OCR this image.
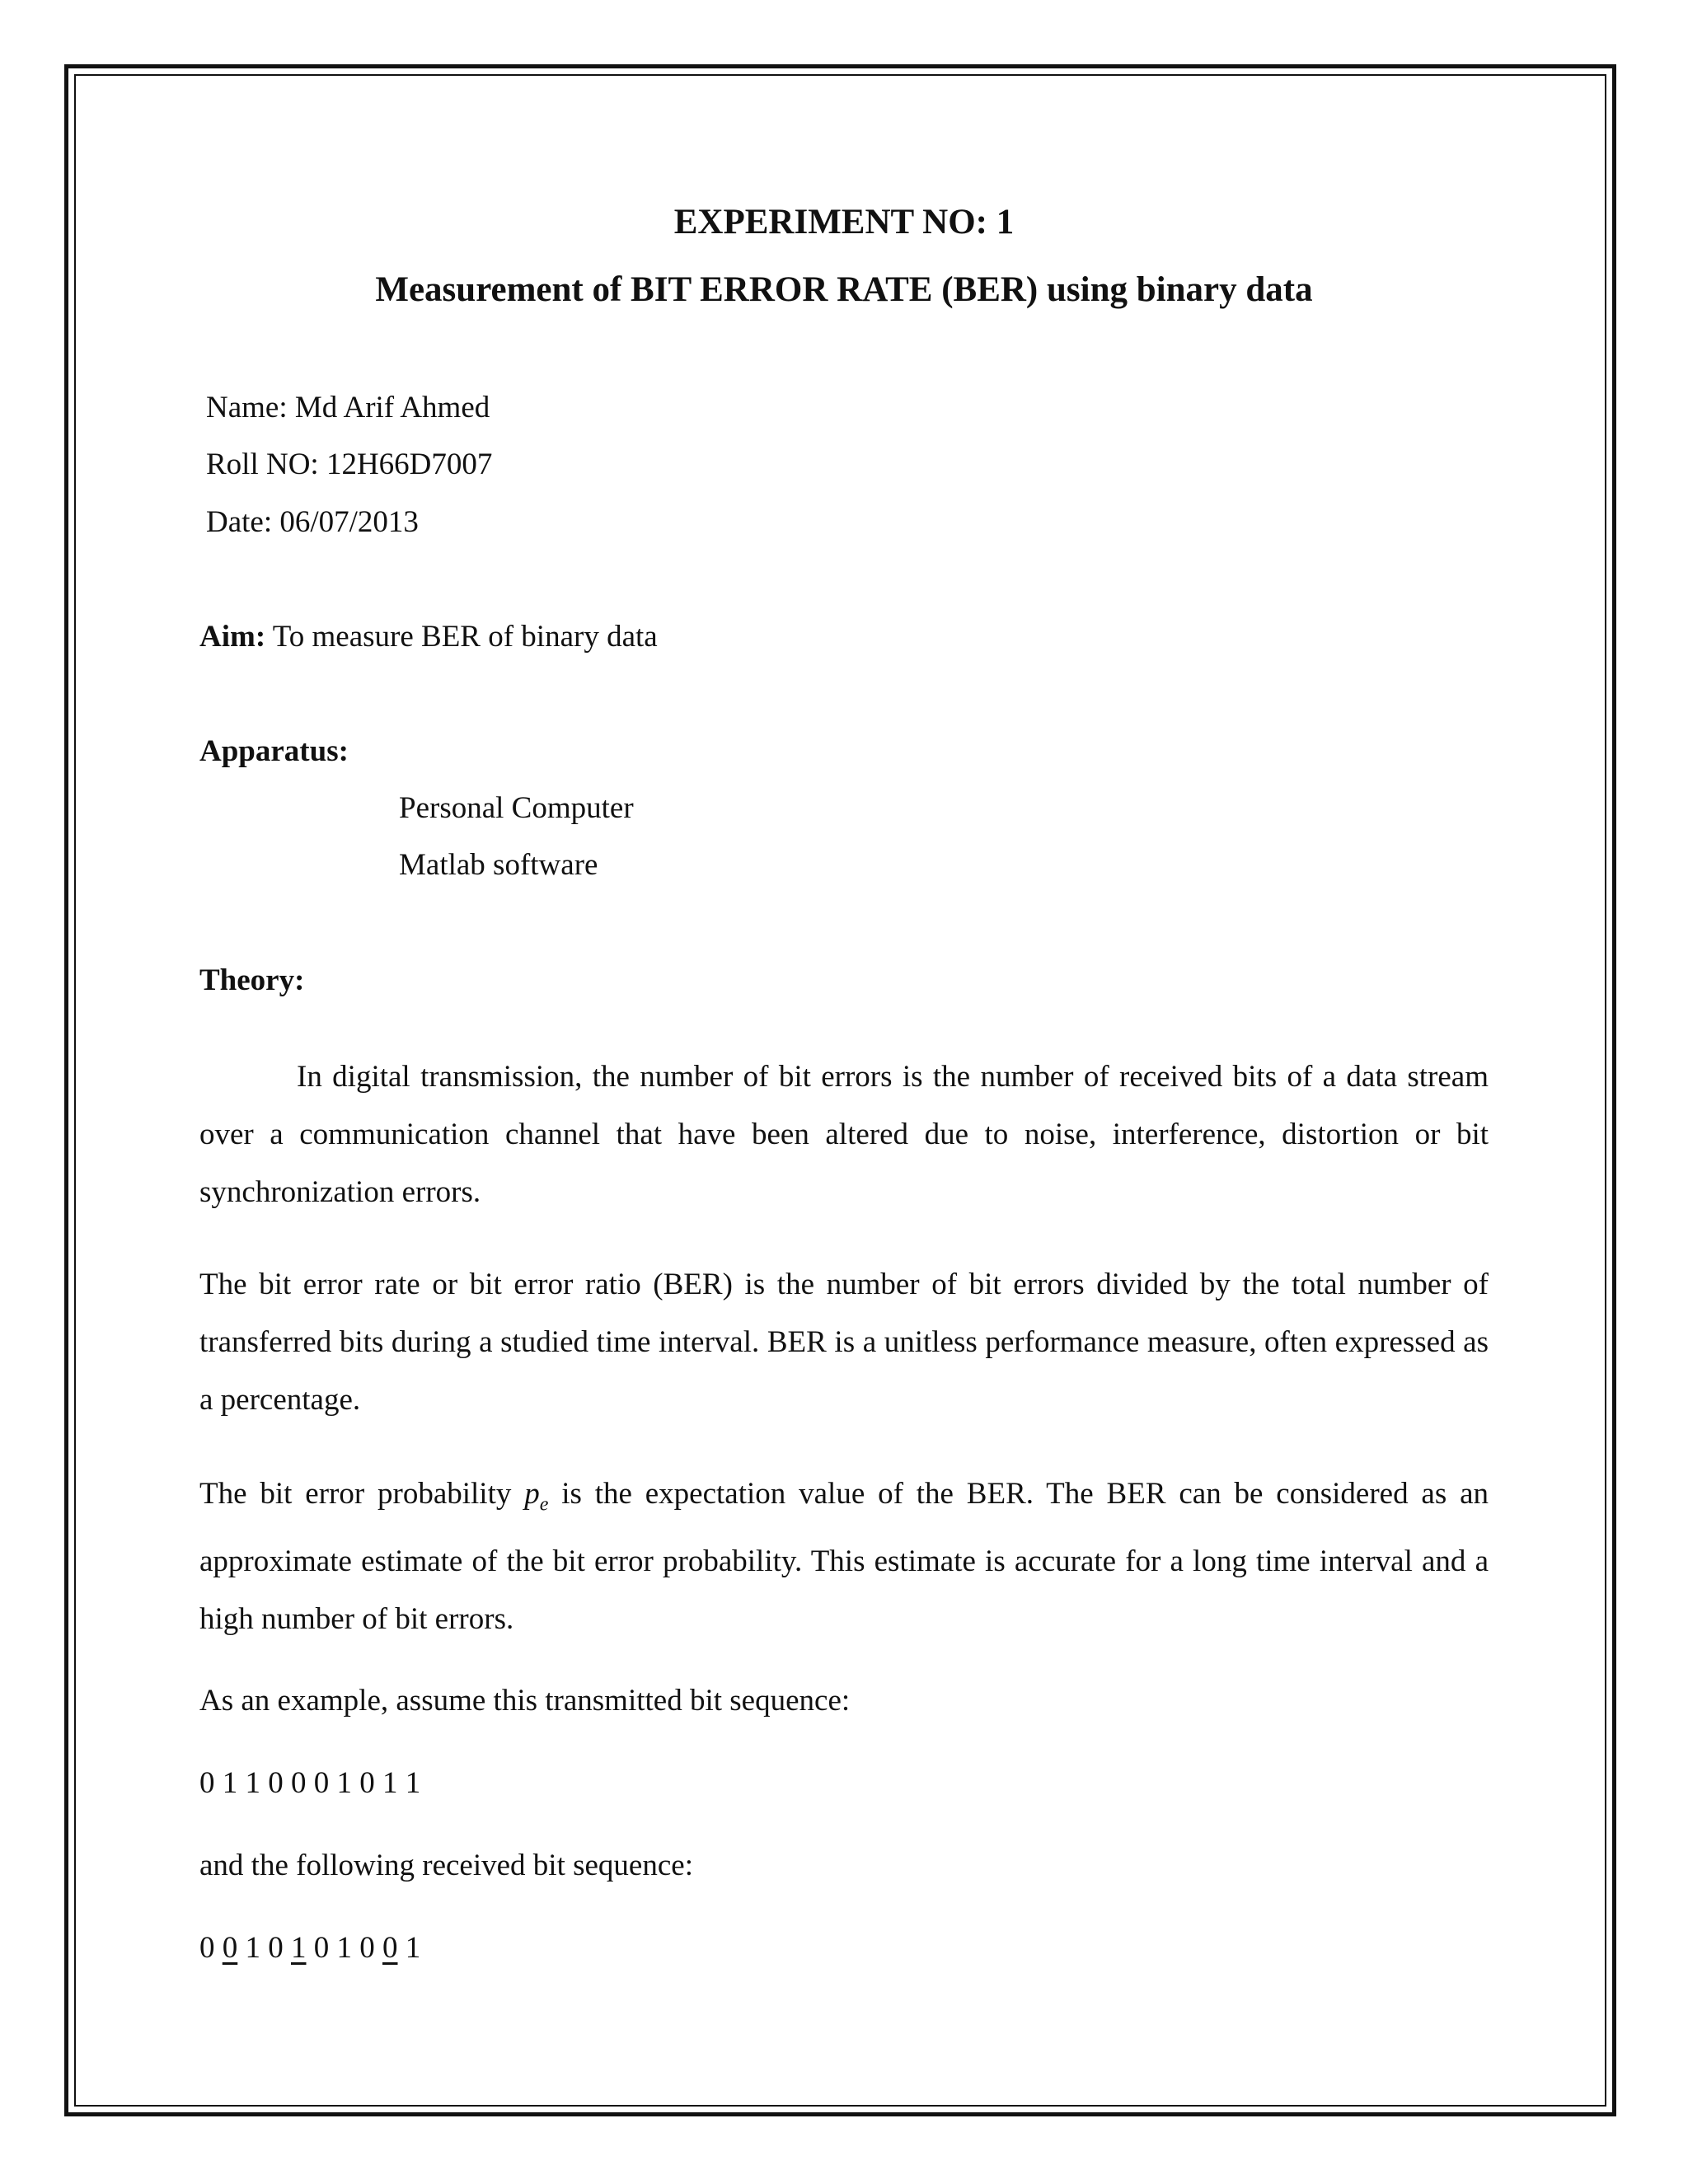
EXPERIMENT NO: 1
Measurement of BIT ERROR RATE (BER) using binary data
Name: Md Arif Ahmed
Roll NO: 12H66D7007
Date: 06/07/2013
Aim: To measure BER of binary data
Apparatus:
Personal Computer
Matlab software
Theory:

In digital transmission, the number of bit errors is the number of received bits of a data stream over a communication channel that have been altered due to noise, interference, distortion or bit synchronization errors.

The bit error rate or bit error ratio (BER) is the number of bit errors divided by the total number of transferred bits during a studied time interval. BER is a unitless performance measure, often expressed as a percentage.

The bit error probability $p_e$ is the expectation value of the BER. The BER can be considered as an approximate estimate of the bit error probability. This estimate is accurate for a long time interval and a high number of bit errors.

As an example, assume this transmitted bit sequence:
0 1 1 0 0 0 1 0 1 1
and the following received bit sequence:
0 0 1 0 1 0 1 0 0 1
